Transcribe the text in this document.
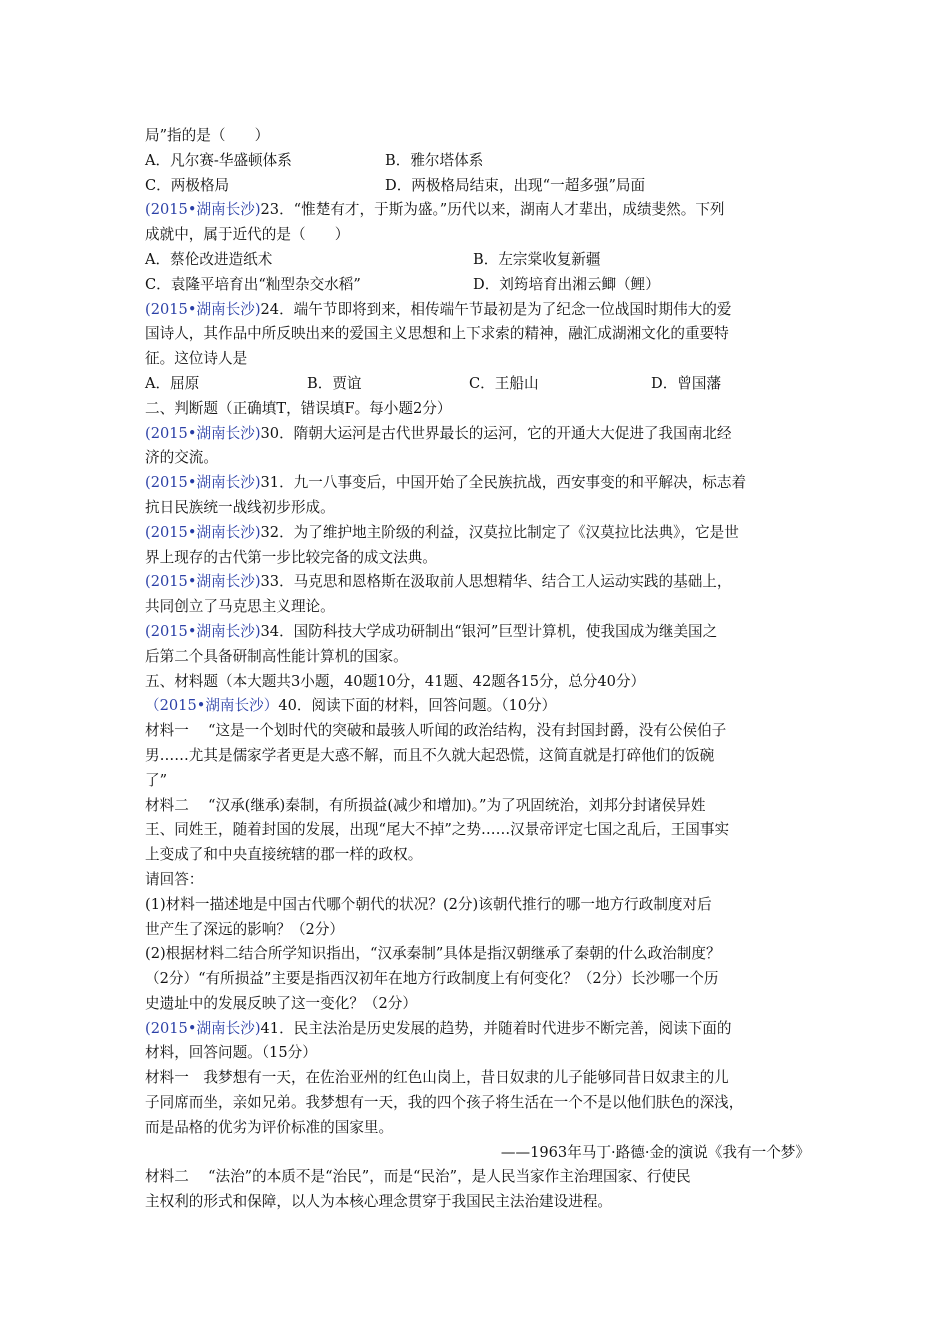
局”指的是（　　）
A．凡尔赛-华盛顿体系	B．雅尔塔体系
C．两极格局	D．两极格局结束，出现“一超多强”局面
(2015•湖南长沙)23．“惟楚有才，于斯为盛。”历代以来，湖南人才辈出，成绩斐然。下列
成就中，属于近代的是（　　）
A．蔡伦改进造纸术	B．左宗棠收复新疆
C．袁隆平培育出“籼型杂交水稻”	D．刘筠培育出湘云鲫（鲤）
(2015•湖南长沙)24．端午节即将到来，相传端午节最初是为了纪念一位战国时期伟大的爱
国诗人，其作品中所反映出来的爱国主义思想和上下求索的精神，融汇成湖湘文化的重要特
征。这位诗人是
A．屈原	B．贾谊	C．王船山	D．曾国藩
二、判断题（正确填T，错误填F。每小题2分）
(2015•湖南长沙)30．隋朝大运河是古代世界最长的运河，它的开通大大促进了我国南北经
济的交流。
(2015•湖南长沙)31．九一八事变后，中国开始了全民族抗战，西安事变的和平解决，标志着
抗日民族统一战线初步形成。
(2015•湖南长沙)32．为了维护地主阶级的利益，汉莫拉比制定了《汉莫拉比法典》，它是世
界上现存的古代第一步比较完备的成文法典。
(2015•湖南长沙)33．马克思和恩格斯在汲取前人思想精华、结合工人运动实践的基础上，
共同创立了马克思主义理论。
(2015•湖南长沙)34．国防科技大学成功研制出“银河”巨型计算机，使我国成为继美国之
后第二个具备研制高性能计算机的国家。
五、材料题（本大题共3小题，40题10分，41题、42题各15分，总分40分）
（2015•湖南长沙）40．阅读下面的材料，回答问题。（10分）
材料一　 “这是一个划时代的突破和最骇人听闻的政治结构，没有封国封爵，没有公侯伯子
男……尤其是儒家学者更是大惑不解，而且不久就大起恐慌，这简直就是打碎他们的饭碗
了”
材料二　 “汉承(继承)秦制，有所损益(减少和增加)。”为了巩固统治，刘邦分封诸侯异姓
王、同姓王，随着封国的发展，出现“尾大不掉”之势……汉景帝评定七国之乱后，王国事实
上变成了和中央直接统辖的郡一样的政权。
请回答：
(1)材料一描述地是中国古代哪个朝代的状况？(2分)该朝代推行的哪一地方行政制度对后
世产生了深远的影响？（2分）
(2)根据材料二结合所学知识指出，“汉承秦制”具体是指汉朝继承了秦朝的什么政治制度？
（2分）“有所损益”主要是指西汉初年在地方行政制度上有何变化？（2分）长沙哪一个历
史遗址中的发展反映了这一变化？（2分）
(2015•湖南长沙)41．民主法治是历史发展的趋势，并随着时代进步不断完善，阅读下面的
材料，回答问题。（15分）
材料一　我梦想有一天，在佐治亚州的红色山岗上，昔日奴隶的儿子能够同昔日奴隶主的儿
子同席而坐，亲如兄弟。我梦想有一天，我的四个孩子将生活在一个不是以他们肤色的深浅，
而是品格的优劣为评价标准的国家里。
——1963年马丁·路德·金的演说《我有一个梦》
材料二　 “法治”的本质不是“治民”，而是“民治”，是人民当家作主治理国家、行使民
主权利的形式和保障，以人为本核心理念贯穿于我国民主法治建设进程。
